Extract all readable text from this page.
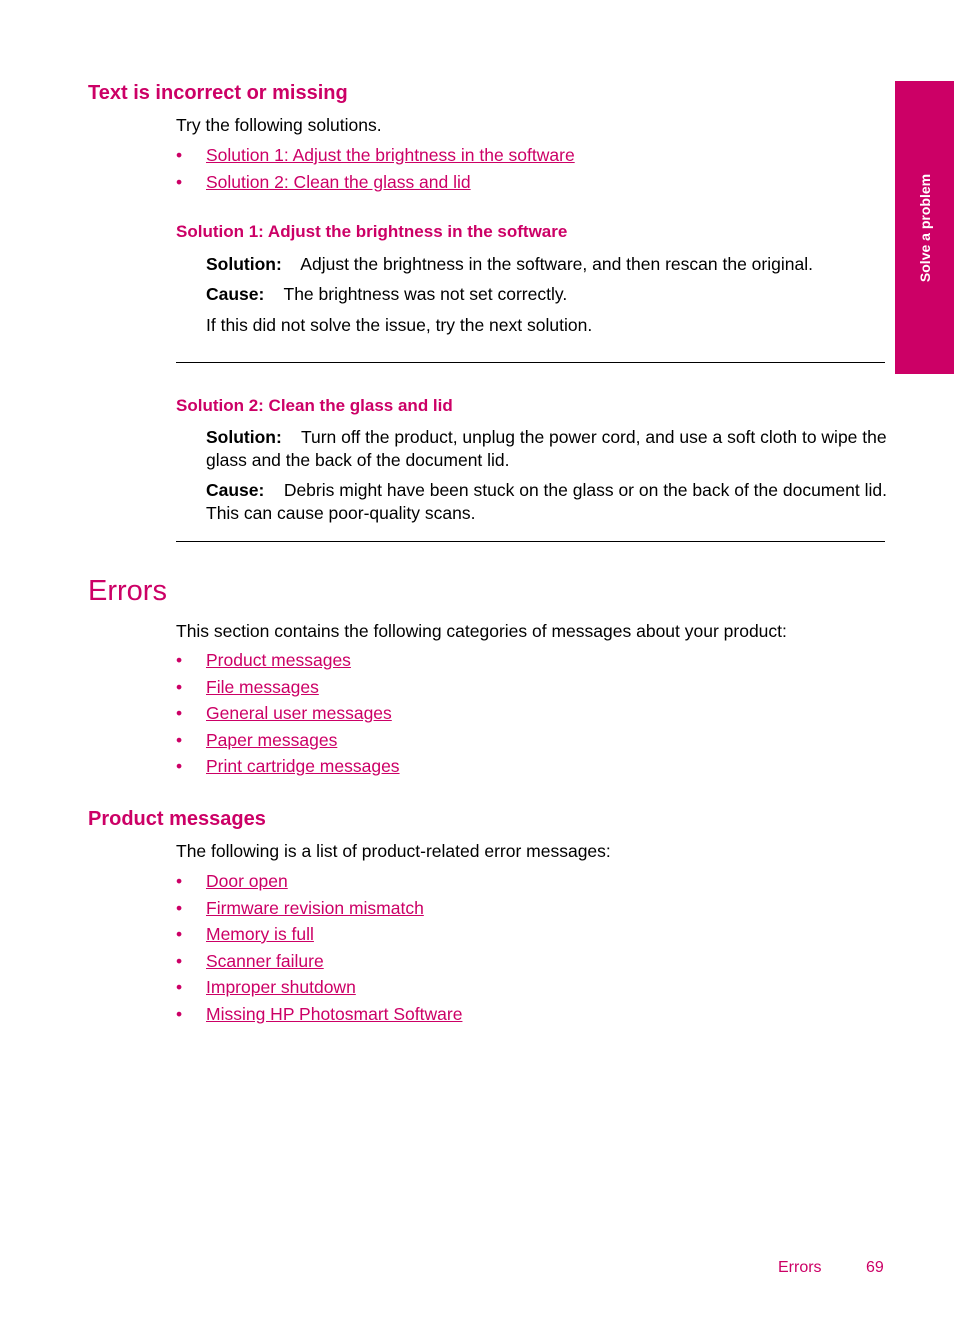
Solve a problem
Text is incorrect or missing
Try the following solutions.
• Solution 1: Adjust the brightness in the software
• Solution 2: Clean the glass and lid
Solution 1: Adjust the brightness in the software
Solution: Adjust the brightness in the software, and then rescan the original.
Cause: The brightness was not set correctly.
If this did not solve the issue, try the next solution.
Solution 2: Clean the glass and lid
Solution: Turn off the product, unplug the power cord, and use a soft cloth to wipe the glass and the back of the document lid.
Cause: Debris might have been stuck on the glass or on the back of the document lid. This can cause poor-quality scans.
Errors
This section contains the following categories of messages about your product:
• Product messages
• File messages
• General user messages
• Paper messages
• Print cartridge messages
Product messages
The following is a list of product-related error messages:
• Door open
• Firmware revision mismatch
• Memory is full
• Scanner failure
• Improper shutdown
• Missing HP Photosmart Software
Errors	69
